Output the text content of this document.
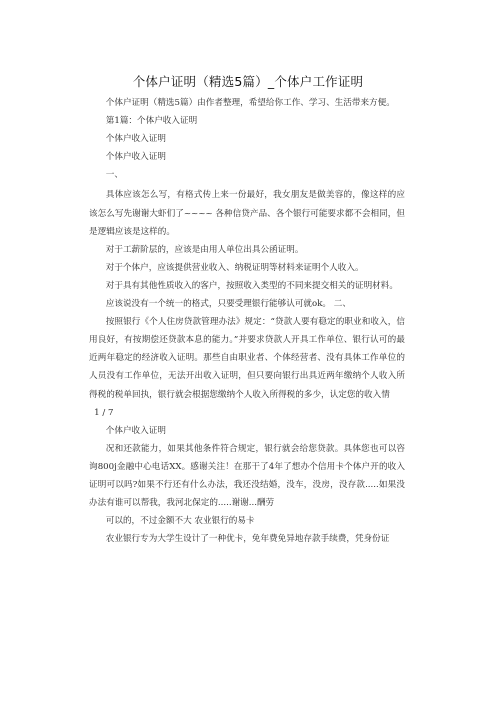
个体户证明（精选5篇）_个体户工作证明

个体户证明（精选5篇）由作者整理，希望给你工作、学习、生活带来方便。

第1篇：个体户收入证明

个体户收入证明

个体户收入证明

一、

具体应该怎么写，有格式传上来一份最好，我女朋友是做美容的，像这样的应该怎么写先谢谢大虾们了~~~~ 各种信贷产品、各个银行可能要求都不会相同，但是逻辑应该是这样的。

对于工薪阶层的，应该是由用人单位出具公函证明。

对于个体户，应该提供营业收入、纳税证明等材料来证明个人收入。

对于具有其他性质收入的客户，按照收入类型的不同来提交相关的证明材料。

应该说没有一个统一的格式，只要受理银行能够认可就ok。 二、

按照银行《个人住房贷款管理办法》规定：“贷款人要有稳定的职业和收入，信用良好，有按期偿还贷款本息的能力。”并要求贷款人开具工作单位、银行认可的最近两年稳定的经济收入证明。那些自由职业者、个体经营者、没有具体工作单位的人员没有工作单位，无法开出收入证明，但只要向银行出具近两年缴纳个人收入所得税的税单回执，银行就会根据您缴纳个人收入所得税的多少，认定您的收入情

1 / 7

个体户收入证明

况和还款能力，如果其他条件符合规定，银行就会给您贷款。具体您也可以咨询800j金融中心电话XX。感谢关注！在那干了4年了想办个信用卡个体户开的收入证明可以吗?如果不行还有什么办法，我还没结婚，没车，没房，没存款.....如果没办法有谁可以帮我，我河北保定的.....谢谢...酬劳

可以的，不过金额不大 农业银行的易卡

农业银行专为大学生设计了一种优卡，免年费免异地存款手续费，凭身份证
